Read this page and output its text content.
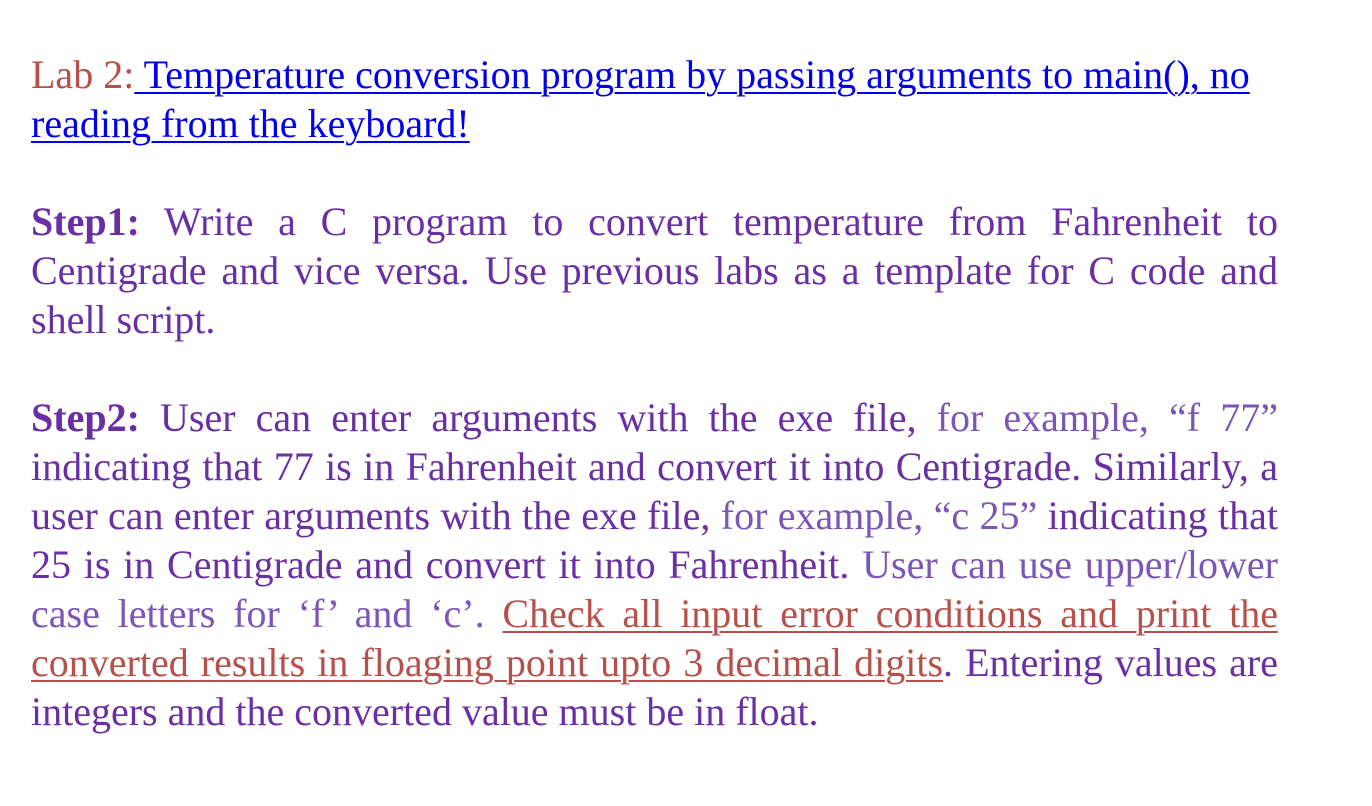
Lab 2: Temperature conversion program by passing arguments to main(), no reading from the keyboard!

Step1: Write a C program to convert temperature from Fahrenheit to Centigrade and vice versa. Use previous labs as a template for C code and shell script.

Step2: User can enter arguments with the exe file, for example, “f 77” indicating that 77 is in Fahrenheit and convert it into Centigrade. Similarly, a user can enter arguments with the exe file, for example, “c 25” indicating that 25 is in Centigrade and convert it into Fahrenheit. User can use upper/lower case letters for ‘f’ and ‘c’. Check all input error conditions and print the converted results in floaging point upto 3 decimal digits. Entering values are integers and the converted value must be in float.
